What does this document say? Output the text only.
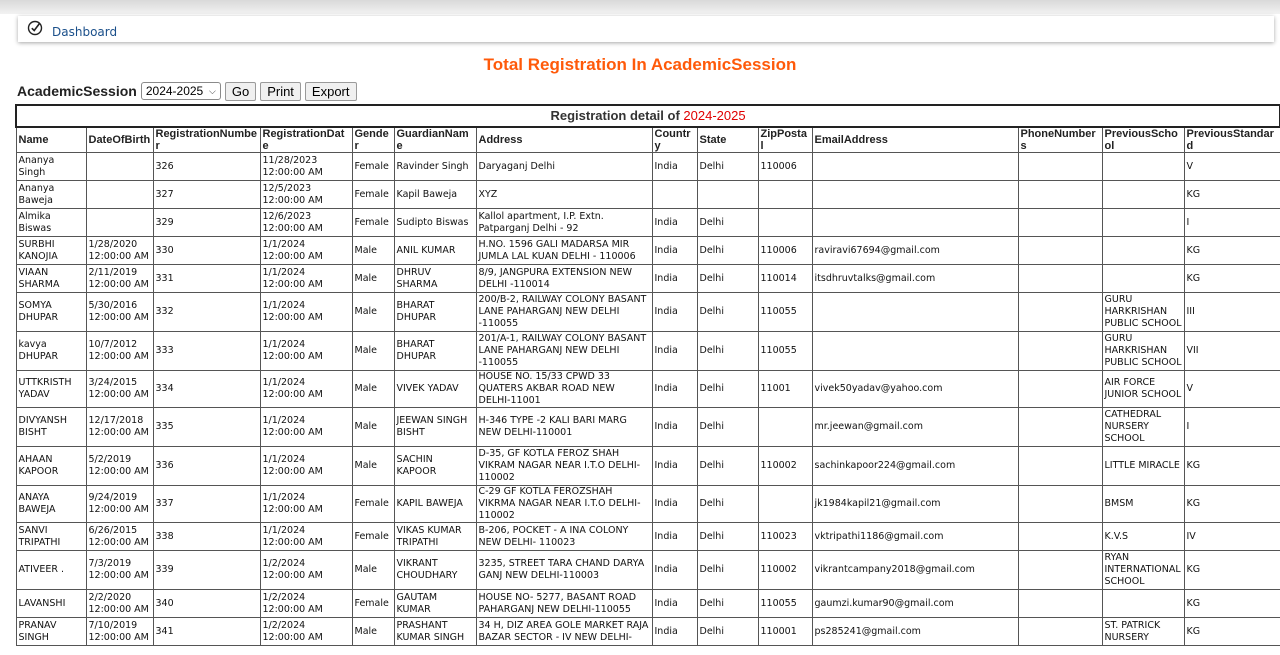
Dashboard
Total Registration In AcademicSession
AcademicSession 2024-2025 ⌵	Go	Print	Export
Registration detail of 2024-2025													
Name	DateOfBirth	RegistrationNumber	RegistrationDate	Gender	GuardianName	Address	Country	State	ZipPostal	EmailAddress	PhoneNumbers	PreviousSchool	PreviousStandard
Ananya Singh		326	11/28/2023 12:00:00 AM	Female	Ravinder Singh	Daryaganj Delhi	India	Delhi	110006				V
Ananya Baweja		327	12/5/2023 12:00:00 AM	Female	Kapil Baweja	XYZ							KG
Almika Biswas		329	12/6/2023 12:00:00 AM	Female	Sudipto Biswas	Kallol apartment, I.P. Extn. Patparganj Delhi - 92	India	Delhi					I
SURBHI KANOJIA	1/28/2020 12:00:00 AM	330	1/1/2024 12:00:00 AM	Male	ANIL KUMAR	H.NO. 1596 GALI MADARSA MIR JUMLA LAL KUAN DELHI - 110006	India	Delhi	110006	raviravi67694@gmail.com			KG
VIAAN SHARMA	2/11/2019 12:00:00 AM	331	1/1/2024 12:00:00 AM	Male	DHRUV SHARMA	8/9, JANGPURA EXTENSION NEW DELHI -110014	India	Delhi	110014	itsdhruvtalks@gmail.com			KG
SOMYA DHUPAR	5/30/2016 12:00:00 AM	332	1/1/2024 12:00:00 AM	Male	BHARAT DHUPAR	200/B-2, RAILWAY COLONY BASANT LANE PAHARGANJ NEW DELHI -110055	India	Delhi	110055			GURU HARKRISHAN PUBLIC SCHOOL	III
kavya DHUPAR	10/7/2012 12:00:00 AM	333	1/1/2024 12:00:00 AM	Male	BHARAT DHUPAR	201/A-1, RAILWAY COLONY BASANT LANE PAHARGANJ NEW DELHI -110055	India	Delhi	110055			GURU HARKRISHAN PUBLIC SCHOOL	VII
UTTKRISTH YADAV	3/24/2015 12:00:00 AM	334	1/1/2024 12:00:00 AM	Male	VIVEK YADAV	HOUSE NO. 15/33 CPWD 33 QUATERS AKBAR ROAD NEW DELHI-11001	India	Delhi	11001	vivek50yadav@yahoo.com		AIR FORCE JUNIOR SCHOOL	V
DIVYANSH BISHT	12/17/2018 12:00:00 AM	335	1/1/2024 12:00:00 AM	Male	JEEWAN SINGH BISHT	H-346 TYPE -2 KALI BARI MARG NEW DELHI-110001	India	Delhi		mr.jeewan@gmail.com		CATHEDRAL NURSERY SCHOOL	I
AHAAN KAPOOR	5/2/2019 12:00:00 AM	336	1/1/2024 12:00:00 AM	Male	SACHIN KAPOOR	D-35, GF KOTLA FEROZ SHAH VIKRAM NAGAR NEAR I.T.O DELHI-110002	India	Delhi	110002	sachinkapoor224@gmail.com		LITTLE MIRACLE	KG
ANAYA BAWEJA	9/24/2019 12:00:00 AM	337	1/1/2024 12:00:00 AM	Female	KAPIL BAWEJA	C-29 GF KOTLA FEROZSHAH VIKRMA NAGAR NEAR I.T.O DELHI- 110002	India	Delhi		jk1984kapil21@gmail.com		BMSM	KG
SANVI TRIPATHI	6/26/2015 12:00:00 AM	338	1/1/2024 12:00:00 AM	Female	VIKAS KUMAR TRIPATHI	B-206, POCKET - A INA COLONY NEW DELHI- 110023	India	Delhi	110023	vktripathi1186@gmail.com		K.V.S	IV
ATIVEER .	7/3/2019 12:00:00 AM	339	1/2/2024 12:00:00 AM	Male	VIKRANT CHOUDHARY	3235, STREET TARA CHAND DARYA GANJ NEW DELHI-110003	India	Delhi	110002	vikrantcampany2018@gmail.com		RYAN INTERNATIONAL SCHOOL	KG
LAVANSHI	2/2/2020 12:00:00 AM	340	1/2/2024 12:00:00 AM	Female	GAUTAM KUMAR	HOUSE NO- 5277, BASANT ROAD PAHARGANJ NEW DELHI-110055	India	Delhi	110055	gaumzi.kumar90@gmail.com			KG
PRANAV SINGH	7/10/2019 12:00:00 AM	341	1/2/2024 12:00:00 AM	Male	PRASHANT KUMAR SINGH	34 H, DIZ AREA GOLE MARKET RAJA BAZAR SECTOR - IV NEW DELHI-	India	Delhi	110001	ps285241@gmail.com		ST. PATRICK NURSERY	KG
